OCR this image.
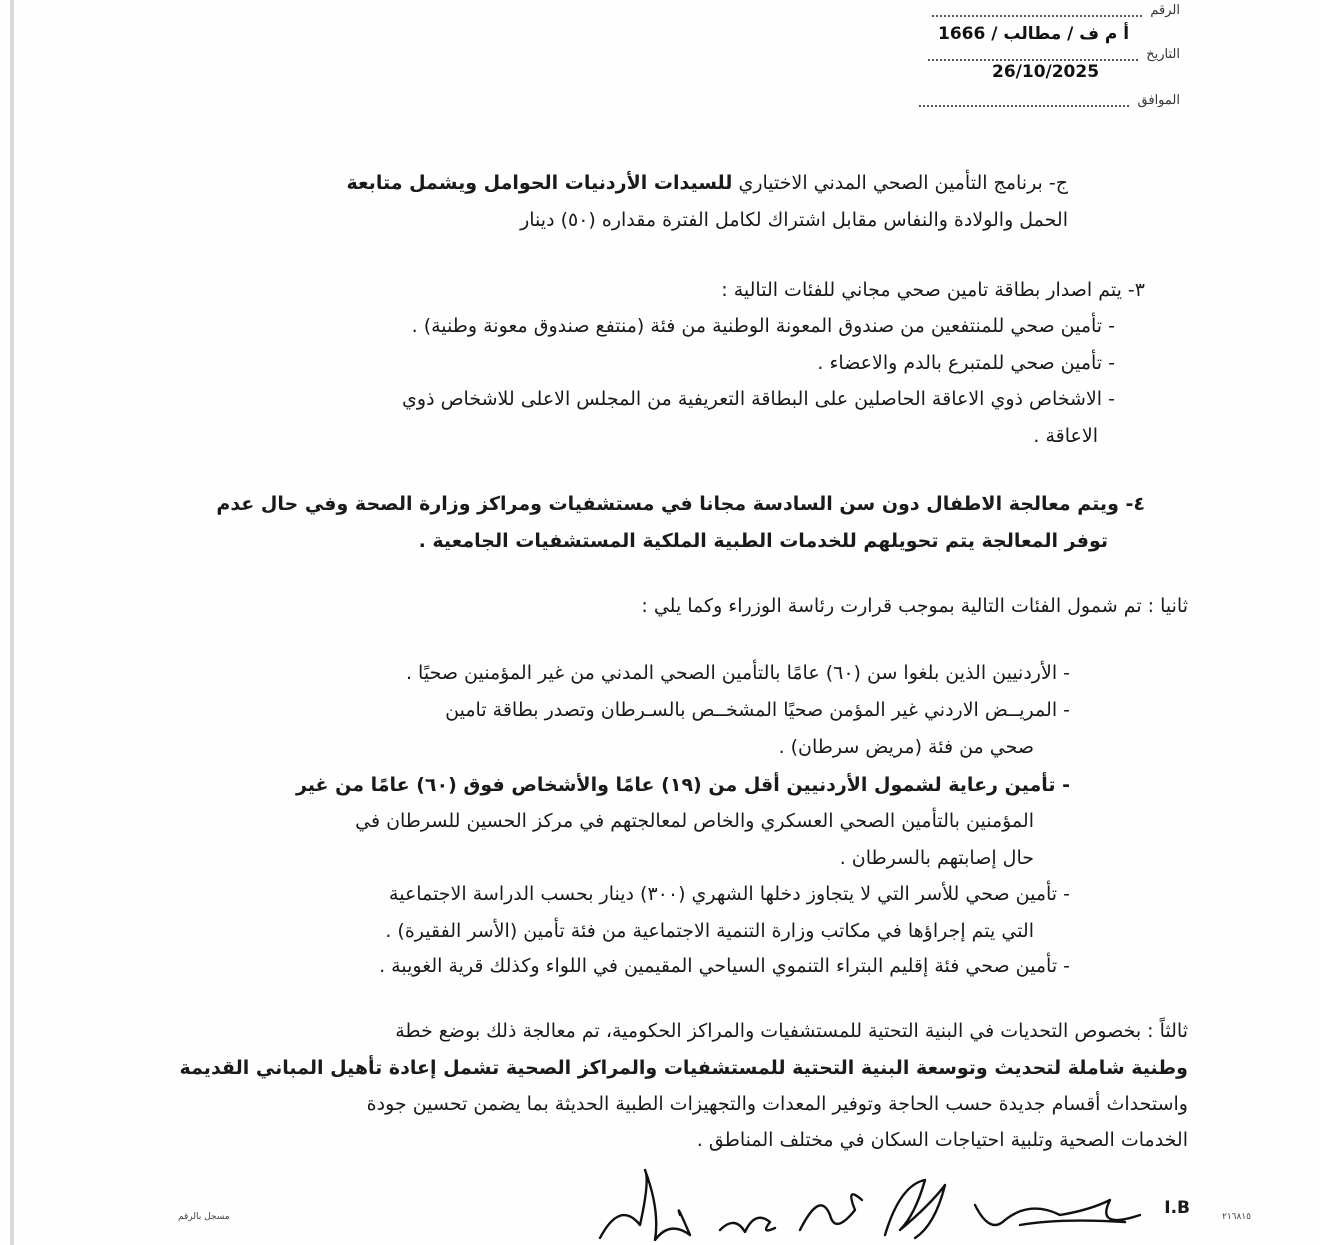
الرقم
أ م ف / مطالب / 1666
التاريخ
26/10/2025
الموافق
ج- برنامج التأمين الصحي المدني الاختياري للسيدات الأردنيات الحوامل ويشمل متابعة
الحمل والولادة والنفاس مقابل اشتراك لكامل الفترة مقداره (٥٠) دينار
٣- يتم اصدار بطاقة تامين صحي مجاني للفئات التالية :
- تأمين صحي للمنتفعين من صندوق المعونة الوطنية من فئة (منتفع صندوق معونة وطنية) .
- تأمين صحي للمتبرع بالدم والاعضاء .
- الاشخاص ذوي الاعاقة الحاصلين على البطاقة التعريفية من المجلس الاعلى للاشخاص ذوي
الاعاقة .
٤- ويتم معالجة الاطفال دون سن السادسة مجانا في مستشفيات ومراكز وزارة الصحة وفي حال عدم
توفر المعالجة يتم تحويلهم للخدمات الطبية الملكية المستشفيات الجامعية .
ثانيا : تم شمول الفئات التالية بموجب قرارت رئاسة الوزراء وكما يلي :
- الأردنيين الذين بلغوا سن (٦٠) عامًا بالتأمين الصحي المدني من غير المؤمنين صحيًا .
- المريــض الاردني غير المؤمن صحيًا المشخــص بالسـرطان وتصدر بطاقة تامين
صحي من فئة (مريض سرطان) .
- تأمين رعاية لشمول الأردنيين أقل من (١٩) عامًا والأشخاص فوق (٦٠) عامًا من غير
المؤمنين بالتأمين الصحي العسكري والخاص لمعالجتهم في مركز الحسين للسرطان في
حال إصابتهم بالسرطان .
- تأمين صحي للأسر التي لا يتجاوز دخلها الشهري (٣٠٠) دينار بحسب الدراسة الاجتماعية
التي يتم إجراؤها في مكاتب وزارة التنمية الاجتماعية من فئة تأمين (الأسر الفقيرة) .
- تأمين صحي فئة إقليم البتراء التنموي السياحي المقيمين في اللواء وكذلك قرية الغويبة .
ثالثاً : بخصوص التحديات في البنية التحتية للمستشفيات والمراكز الحكومية، تم معالجة ذلك بوضع خطة
وطنية شاملة لتحديث وتوسعة البنية التحتية للمستشفيات والمراكز الصحية تشمل إعادة تأهيل المباني القديمة
واستحداث أقسام جديدة حسب الحاجة وتوفير المعدات والتجهيزات الطبية الحديثة بما يضمن تحسين جودة
الخدمات الصحية وتلبية احتياجات السكان في مختلف المناطق .
مسجل بالرقم	I.B	٢١٦٨١٥
